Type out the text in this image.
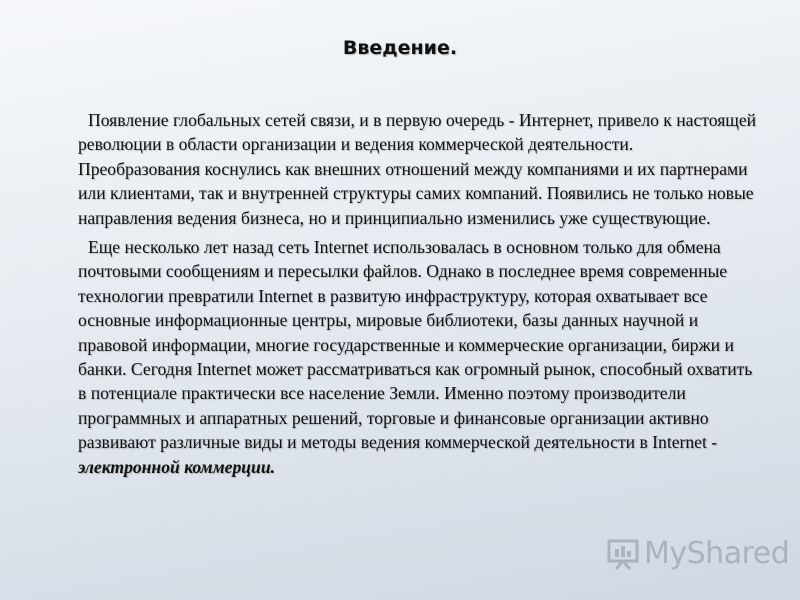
Введение.

Появление глобальных сетей связи, и в первую очередь - Интернет, привело к настоящей революции в области организации и ведения коммерческой деятельности. Преобразования коснулись как внешних отношений между компаниями и их партнерами или клиентами, так и внутренней структуры самих компаний. Появились не только новые направления ведения бизнеса, но и принципиально изменились уже существующие.

Еще несколько лет назад сеть Internet использовалась в основном только для обмена почтовыми сообщениям и пересылки файлов. Однако в последнее время современные технологии превратили Internet в развитую инфраструктуру, которая охватывает все основные информационные центры, мировые библиотеки, базы данных научной и правовой информации, многие государственные и коммерческие организации, биржи и банки. Сегодня Internet может рассматриваться как огромный рынок, способный охватить в потенциале практически все население Земли. Именно поэтому производители программных и аппаратных решений, торговые и финансовые организации активно развивают различные виды и методы ведения коммерческой деятельности в Internet - электронной коммерции.

MyShared
